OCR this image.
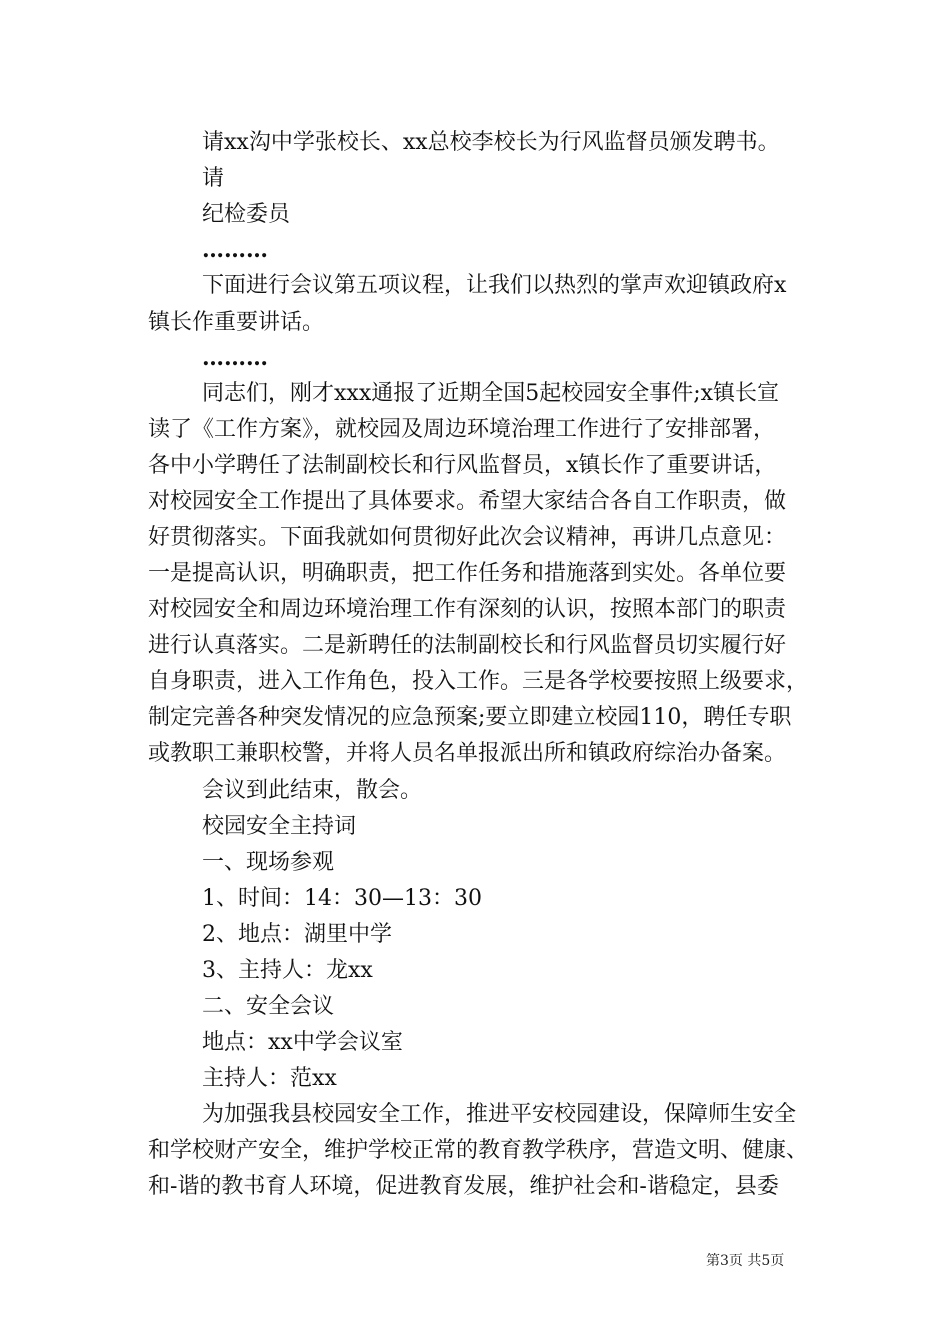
请xx沟中学张校长、xx总校李校长为行风监督员颁发聘书。
请
纪检委员
………
下面进行会议第五项议程，让我们以热烈的掌声欢迎镇政府x
镇长作重要讲话。
………
同志们，刚才xxx通报了近期全国5起校园安全事件;x镇长宣
读了《工作方案》，就校园及周边环境治理工作进行了安排部署，
各中小学聘任了法制副校长和行风监督员，x镇长作了重要讲话，
对校园安全工作提出了具体要求。希望大家结合各自工作职责，做
好贯彻落实。下面我就如何贯彻好此次会议精神，再讲几点意见：
一是提高认识，明确职责，把工作任务和措施落到实处。各单位要
对校园安全和周边环境治理工作有深刻的认识，按照本部门的职责
进行认真落实。二是新聘任的法制副校长和行风监督员切实履行好
自身职责，进入工作角色，投入工作。三是各学校要按照上级要求，
制定完善各种突发情况的应急预案;要立即建立校园110，聘任专职
或教职工兼职校警，并将人员名单报派出所和镇政府综治办备案。
会议到此结束，散会。
校园安全主持词
一、现场参观
1、时间：14：30—13：30
2、地点：湖里中学
3、主持人：龙xx
二、安全会议
地点：xx中学会议室
主持人：范xx
为加强我县校园安全工作，推进平安校园建设，保障师生安全
和学校财产安全，维护学校正常的教育教学秩序，营造文明、健康、
和-谐的教书育人环境，促进教育发展，维护社会和-谐稳定，县委
第3页 共5页
